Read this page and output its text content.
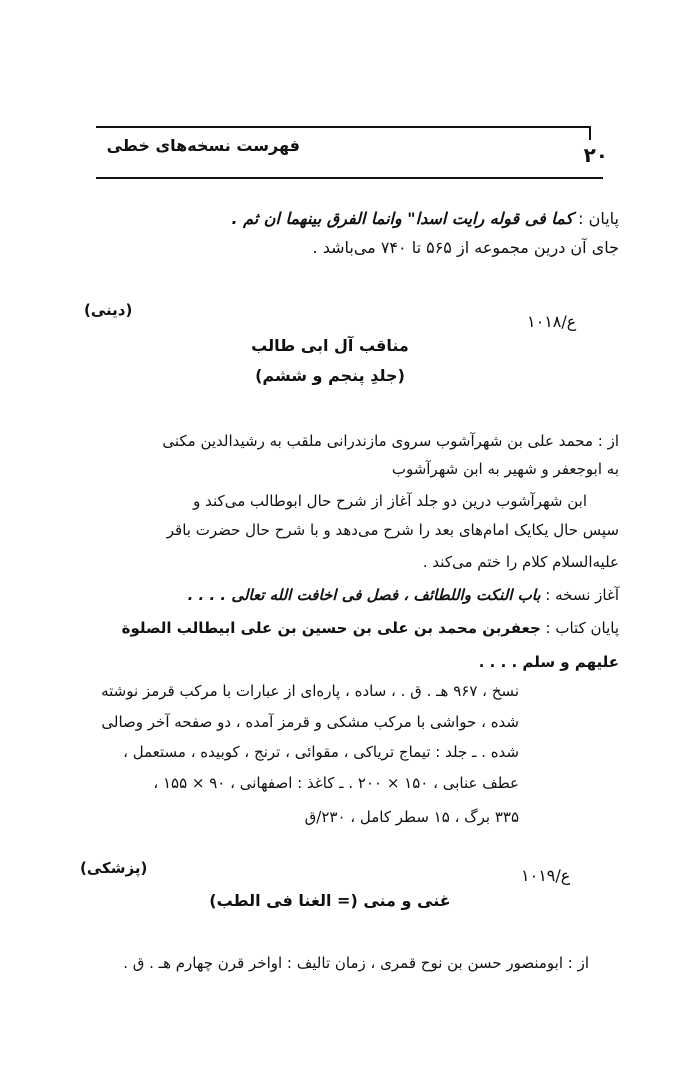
فهرست نسخه‌های خطی	۲۰
پایان : کما فی قوله رایت اسدا" وانما الفرق بینهما ان ثم .
جای آن درین مجموعه از ۵۶۵ تا ۷۴۰ می‌باشد .
(دینی)
۱۰۱۸/ع
مناقب آل ابی طالب
(جلدِ پنجم و ششم)
از : محمد علی بن شهرآشوب سروی مازندرانی ملقب به رشیدالدین مکنی
به ابوجعفر و شهیر به ابن شهرآشوب
ابن شهرآشوب درین دو جلد آغاز از شرح حال ابوطالب می‌کند و
سپس حال یکایک امام‌های بعد را شرح می‌دهد و با شرح حال حضرت باقر
علیه‌السلام کلام را ختم می‌کند .
آغاز نسخه : باب النکت واللطائف ، فصل فی اخافت الله تعالی . . . .
پایان کتاب : جعفربن محمد بن علی بن حسین بن علی ابیطالب الصلوة
علیهم و سلم . . . .
نسخ ، ۹۶۷ هـ . ق . ، ساده ، پاره‌ای از عبارات با مرکب قرمز نوشته
شده ، حواشی با مرکب مشکی و قرمز آمده ، دو صفحه آخر وصالی
شده . ـ جلد : تیماج تریاکی ، مقوائی ، ترنج ، کوبیده ، مستعمل ،
عطف عنابی ، ۱۵۰ × ۲۰۰ . ـ کاغذ : اصفهانی ، ۹۰ × ۱۵۵ ،
۳۳۵ برگ ، ۱۵ سطر کامل ، ۲۳۰/ق
(پزشکی)	۱۰۱۹/ع
غنی و منی (= الغنا فی الطب)
از : ابومنصور حسن بن نوح قمری ، زمان تالیف : اواخر قرن چهارم هـ . ق .
